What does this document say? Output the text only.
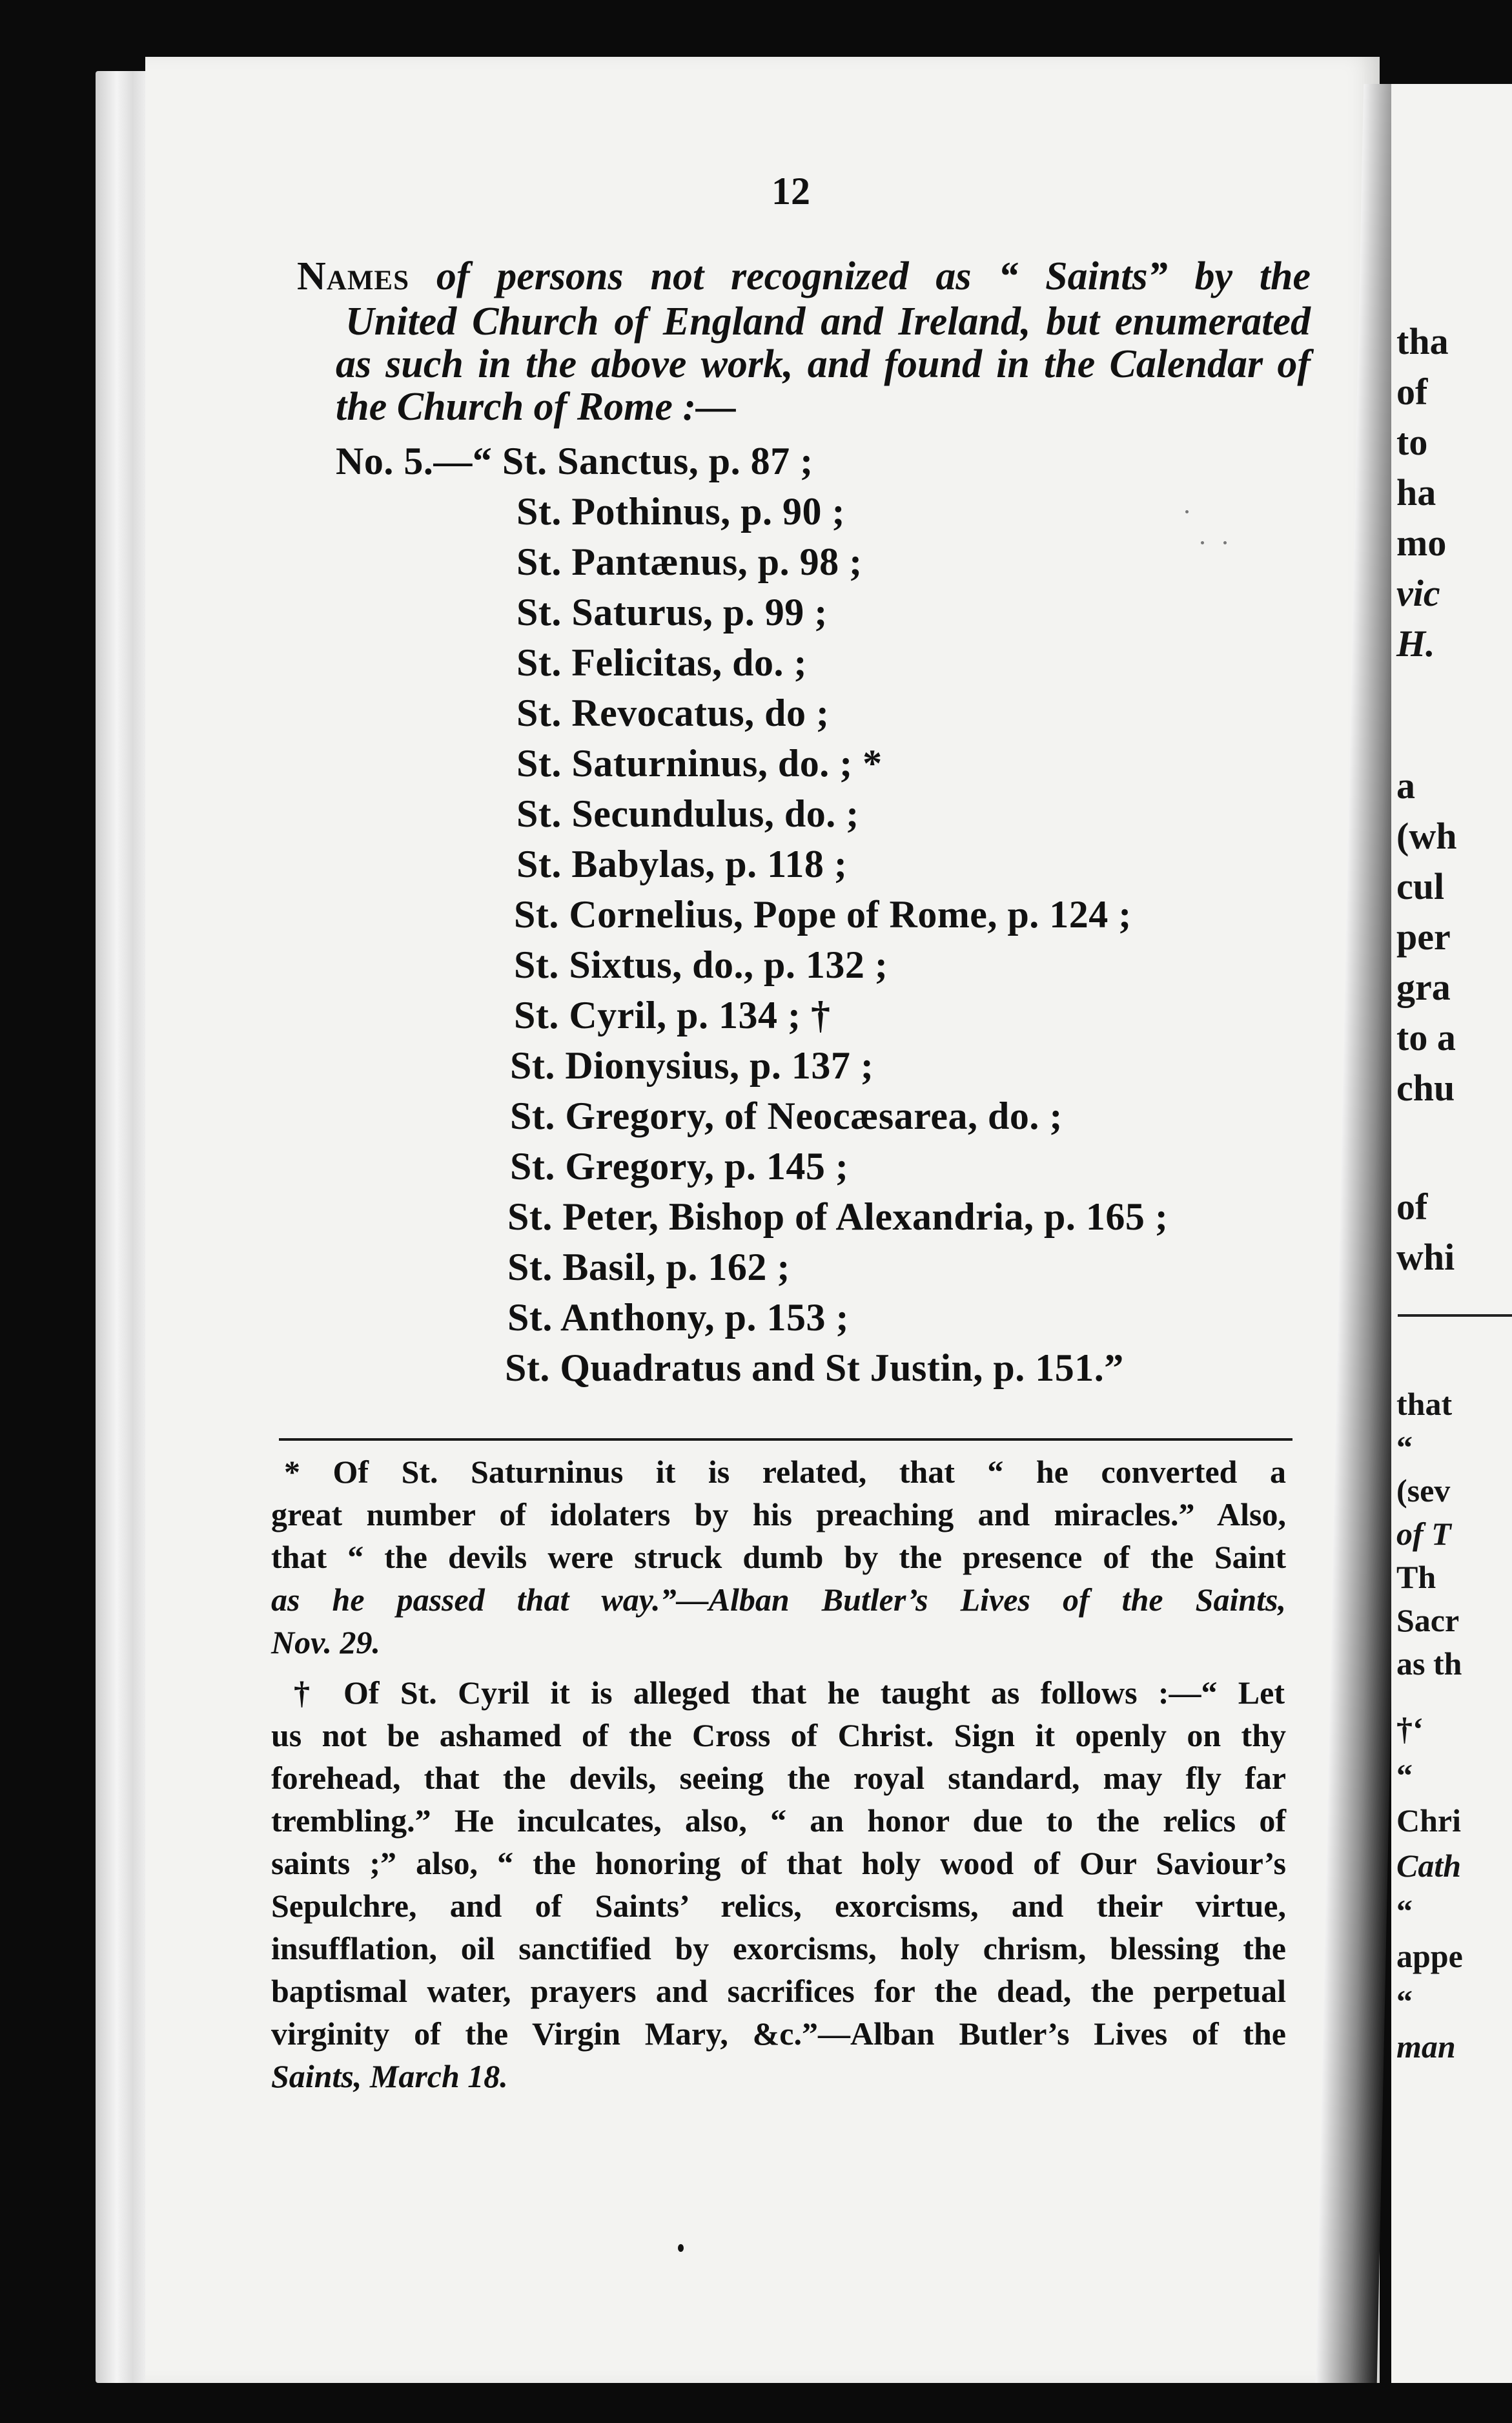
tha
of
to
ha
mo
vic
H.
a
(wh
cul
per
gra
to a
chu
of
whi
that
“
(sev
of T
Th
Sacr
as th
†‘
“
Chri
Cath
“
appe
“
man
12
Names of persons not recognized as “ Saints” by the
United Church of England and Ireland, but enumerated
as such in the above work, and found in the Calendar of
the Church of Rome :—
No. 5.—“ St. Sanctus, p. 87 ;
St. Pothinus, p. 90 ;
St. Pantænus, p. 98 ;
St. Saturus, p. 99 ;
St. Felicitas, do. ;
St. Revocatus, do ;
St. Saturninus, do. ; *
St. Secundulus, do. ;
St. Babylas, p. 118 ;
St. Cornelius, Pope of Rome, p. 124 ;
St. Sixtus, do., p. 132 ;
St. Cyril, p. 134 ; †
St. Dionysius, p. 137 ;
St. Gregory, of Neocæsarea, do. ;
St. Gregory, p. 145 ;
St. Peter, Bishop of Alexandria, p. 165 ;
St. Basil, p. 162 ;
St. Anthony, p. 153 ;
St. Quadratus and St Justin, p. 151.”
* Of St. Saturninus it is related, that “ he converted a
great number of idolaters by his preaching and miracles.” Also,
that “ the devils were struck dumb by the presence of the Saint
as he passed that way.”—Alban Butler’s Lives of the Saints,
Nov. 29.
† Of St. Cyril it is alleged that he taught as follows :—“ Let
us not be ashamed of the Cross of Christ. Sign it openly on thy
forehead, that the devils, seeing the royal standard, may fly far
trembling.” He inculcates, also, “ an honor due to the relics of
saints ;” also, “ the honoring of that holy wood of Our Saviour’s
Sepulchre, and of Saints’ relics, exorcisms, and their virtue,
insufflation, oil sanctified by exorcisms, holy chrism, blessing the
baptismal water, prayers and sacrifices for the dead, the perpetual
virginity of the Virgin Mary, &c.”—Alban Butler’s Lives of the
Saints, March 18.
